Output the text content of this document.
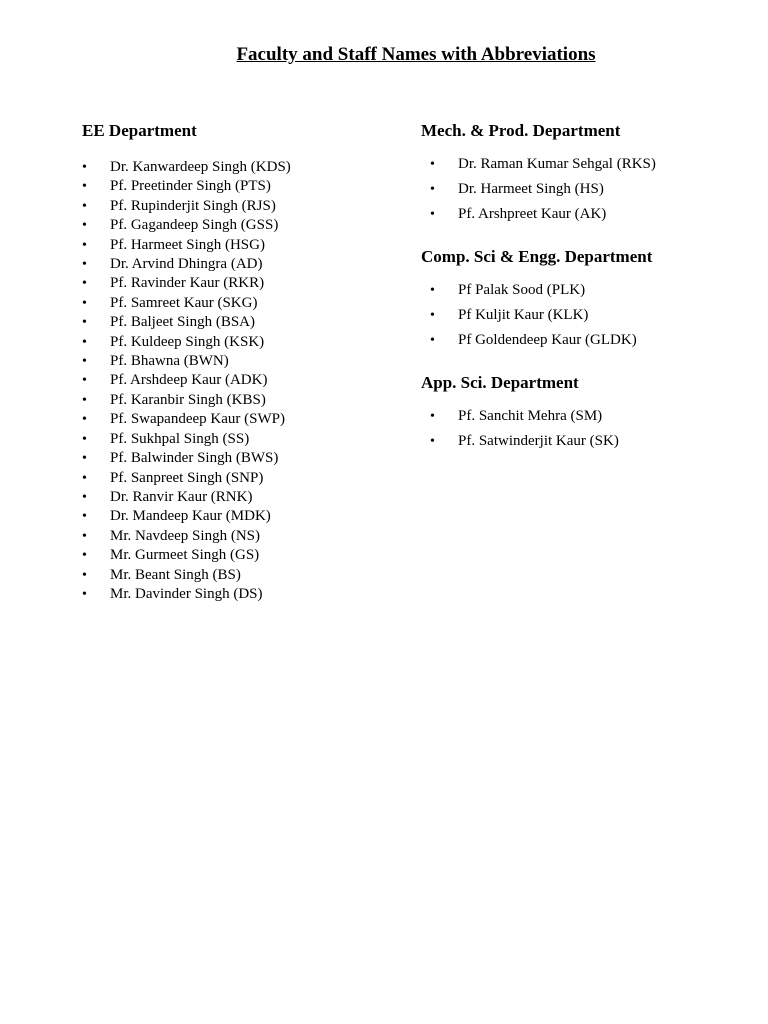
Faculty and Staff Names with Abbreviations
EE Department
• Dr. Kanwardeep Singh (KDS)
• Pf. Preetinder Singh (PTS)
• Pf. Rupinderjit Singh (RJS)
• Pf. Gagandeep Singh (GSS)
• Pf. Harmeet Singh (HSG)
• Dr. Arvind Dhingra (AD)
• Pf. Ravinder Kaur (RKR)
• Pf. Samreet Kaur (SKG)
• Pf. Baljeet Singh (BSA)
• Pf. Kuldeep Singh (KSK)
• Pf. Bhawna (BWN)
• Pf. Arshdeep Kaur (ADK)
• Pf. Karanbir Singh (KBS)
• Pf. Swapandeep Kaur (SWP)
• Pf. Sukhpal Singh (SS)
• Pf. Balwinder Singh (BWS)
• Pf. Sanpreet Singh (SNP)
• Dr. Ranvir Kaur (RNK)
• Dr. Mandeep Kaur (MDK)
• Mr. Navdeep Singh (NS)
• Mr. Gurmeet Singh (GS)
• Mr. Beant Singh (BS)
• Mr. Davinder Singh (DS)
Mech. & Prod. Department
• Dr. Raman Kumar Sehgal (RKS)
• Dr. Harmeet Singh (HS)
• Pf. Arshpreet Kaur (AK)
Comp. Sci & Engg. Department
• Pf Palak Sood (PLK)
• Pf Kuljit Kaur (KLK)
• Pf Goldendeep Kaur (GLDK)
App. Sci. Department
• Pf. Sanchit Mehra (SM)
• Pf. Satwinderjit Kaur (SK)
